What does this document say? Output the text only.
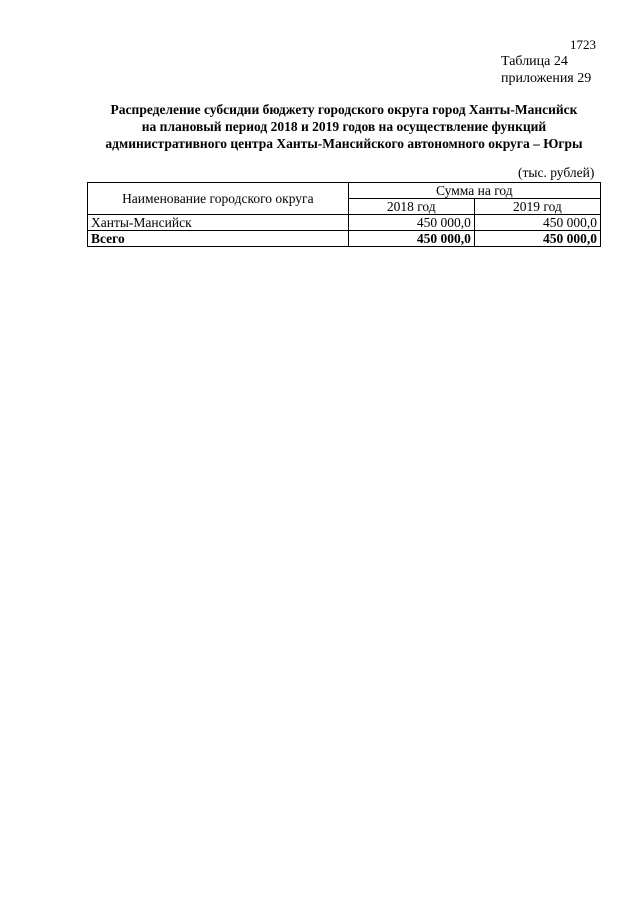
1723
Таблица 24
приложения 29
Распределение субсидии бюджету городского округа город Ханты-Мансийск
на плановый период 2018 и 2019 годов на осуществление функций
административного центра Ханты-Мансийского автономного округа – Югры
(тыс. рублей)
Наименование городского округа	Сумма на год	
	2018 год	2019 год
Ханты-Мансийск	450 000,0	450 000,0
Всего	450 000,0	450 000,0
